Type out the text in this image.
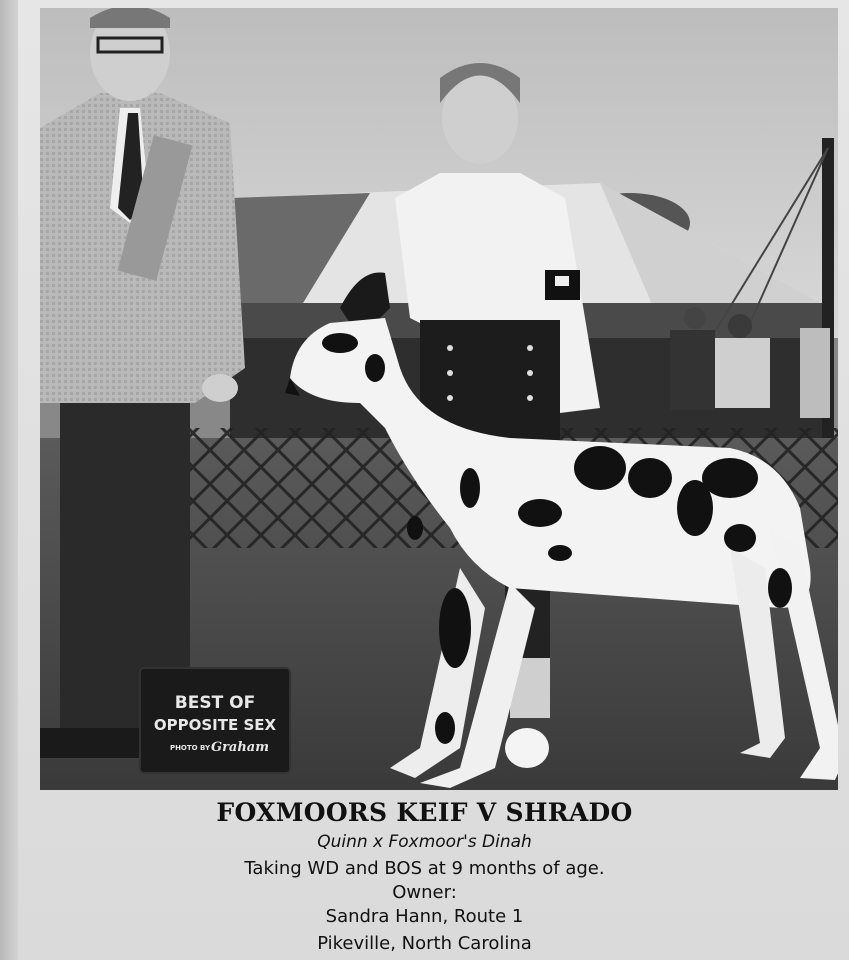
BEST OF
OPPOSITE SEX
PHOTO BY Graham
FOXMOORS KEIF V SHRADO
Quinn x Foxmoor's Dinah
Taking WD and BOS at 9 months of age.
Owner:
Sandra Hann, Route 1
Pikeville, North Carolina
